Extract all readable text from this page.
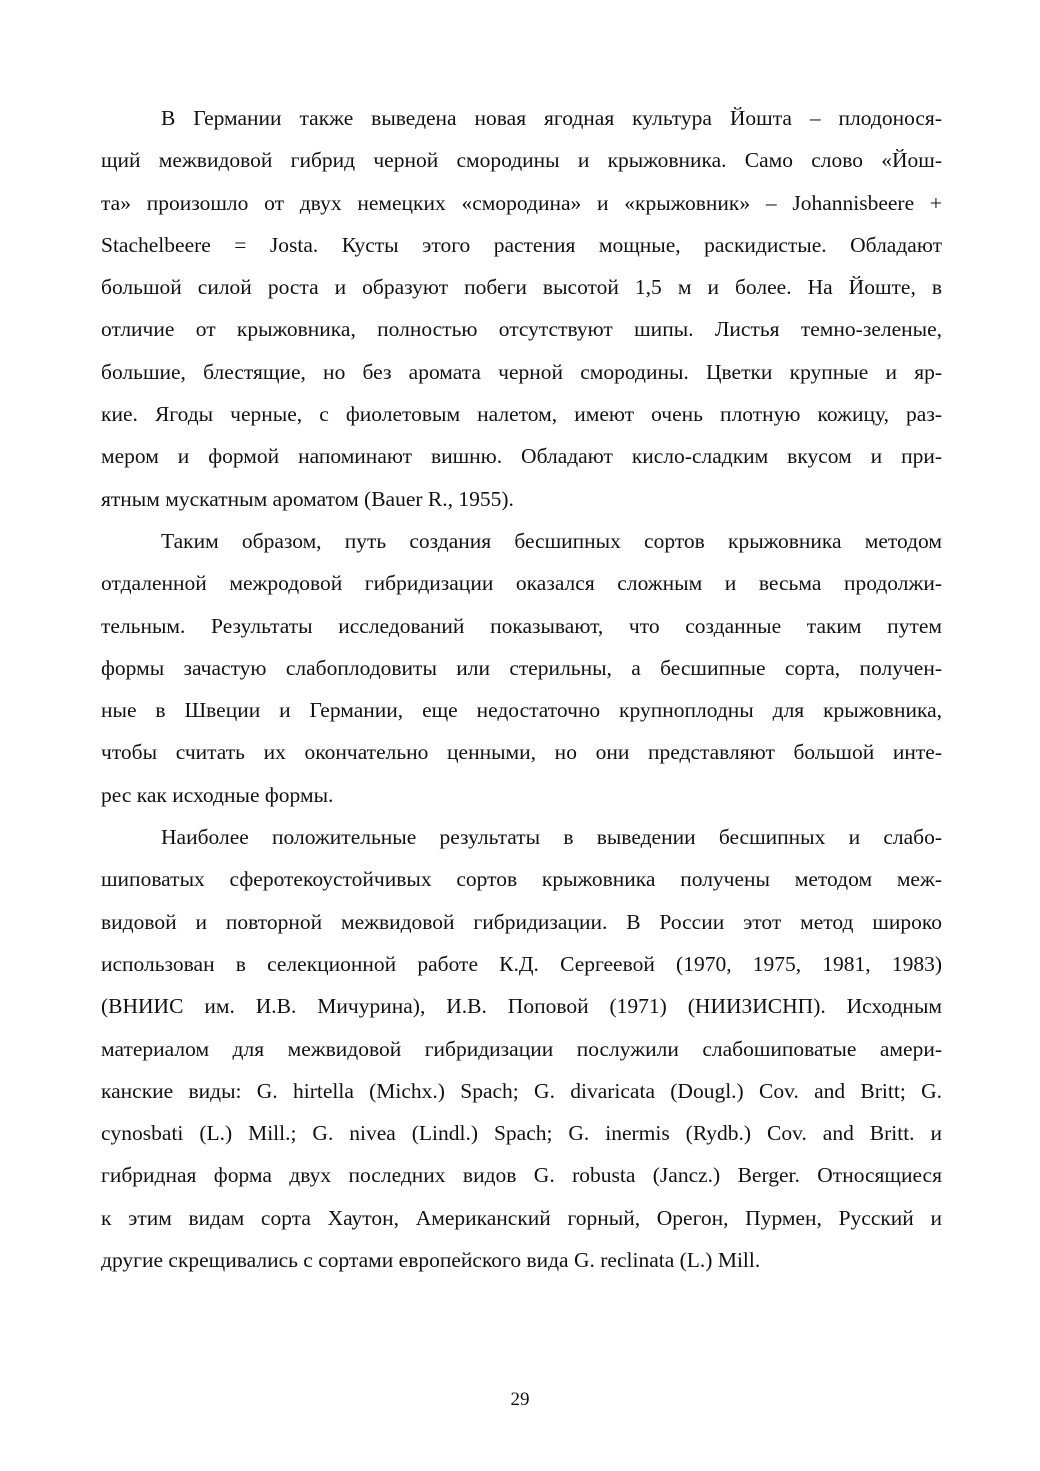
В Германии также выведена новая ягодная культура Йошта – плодонося-
щий межвидовой гибрид черной смородины и крыжовника. Само слово «Йош-
та» произошло от двух немецких «смородина» и «крыжовник» – Johannisbeere +
Stachelbeere = Josta. Кусты этого растения мощные, раскидистые. Обладают
большой силой роста и образуют побеги высотой 1,5 м и более. На Йоште, в
отличие от крыжовника, полностью отсутствуют шипы. Листья темно-зеленые,
большие, блестящие, но без аромата черной смородины. Цветки крупные и яр-
кие. Ягоды черные, с фиолетовым налетом, имеют очень плотную кожицу, раз-
мером и формой напоминают вишню. Обладают кисло-сладким вкусом и при-
ятным мускатным ароматом (Bauer R., 1955).

Таким образом, путь создания бесшипных сортов крыжовника методом
отдаленной межродовой гибридизации оказался сложным и весьма продолжи-
тельным. Результаты исследований показывают, что созданные таким путем
формы зачастую слабоплодовиты или стерильны, а бесшипные сорта, получен-
ные в Швеции и Германии, еще недостаточно крупноплодны для крыжовника,
чтобы считать их окончательно ценными, но они представляют большой инте-
рес как исходные формы.

Наиболее положительные результаты в выведении бесшипных и слабо-
шиповатых сферотекоустойчивых сортов крыжовника получены методом меж-
видовой и повторной межвидовой гибридизации. В России этот метод широко
использован в селекционной работе К.Д. Сергеевой (1970, 1975, 1981, 1983)
(ВНИИС им. И.В. Мичурина), И.В. Поповой (1971) (НИИЗИСНП). Исходным
материалом для межвидовой гибридизации послужили слабошиповатые амери-
канские виды: G. hirtella (Michx.) Spach; G. divaricata (Dougl.) Cov. and Britt; G.
cynosbati (L.) Mill.; G. nivea (Lindl.) Spach; G. inermis (Rydb.) Cov. and Britt. и
гибридная форма двух последних видов G. robusta (Jancz.) Berger. Относящиеся
к этим видам сорта Хаутон, Американский горный, Орегон, Пурмен, Русский и
другие скрещивались с сортами европейского вида G. reclinata (L.) Mill.

29
